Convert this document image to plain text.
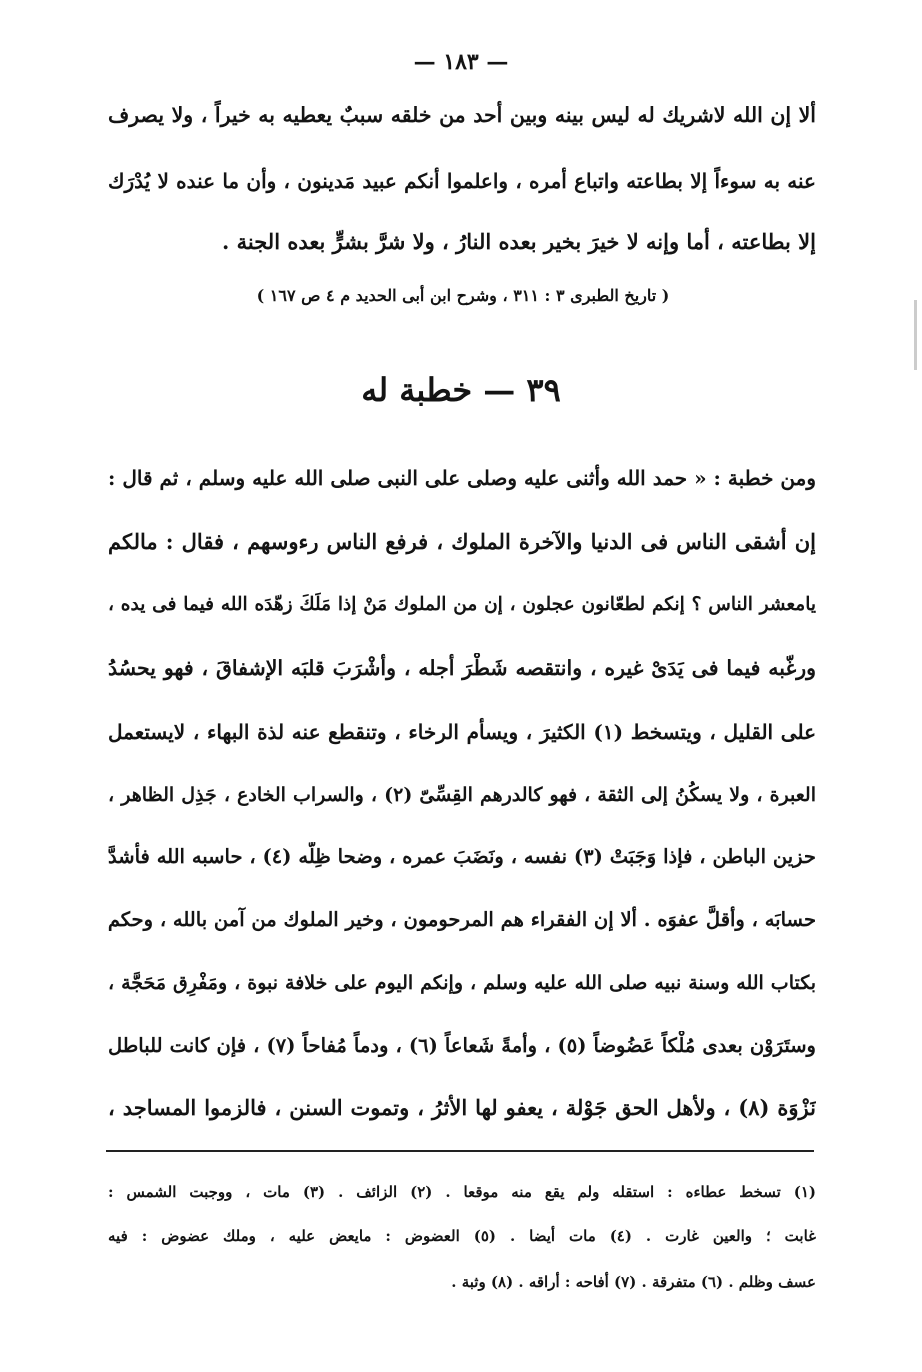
— ١٨٣ —
ألا إن الله لاشريك له ليس بينه وبين أحد من خلقه سببٌ يعطيه به خيراً ، ولا يصرف
عنه به سوءاً إلا بطاعته واتباع أمره ، واعلموا أنكم عبيد مَدينون ، وأن ما عنده لا يُدْرَك
إلا بطاعته ، أما وإنه لا خيرَ بخير بعده النارُ ، ولا شرَّ بشرٍّ بعده الجنة .
( تاريخ الطبرى ٣ : ٣١١ ، وشرح ابن أبى الحديد م ٤ ص ١٦٧ )
٣٩ — خطبة له
ومن خطبة : « حمد الله وأثنى عليه وصلى على النبى صلى الله عليه وسلم ، ثم قال :
إن أشقى الناس فى الدنيا والآخرة الملوك ، فرفع الناس رءوسهم ، فقال : مالكم
يامعشر الناس ؟ إنكم لطعّانون عجلون ، إن من الملوك مَنْ إذا مَلَكَ زهّدَه الله فيما فى يده ،
ورغّبه فيما فى يَدَىْ غيره ، وانتقصه شَطْرَ أجله ، وأشْرَبَ قلبَه الإشفاقَ ، فهو يحسُدُ
على القليل ، ويتسخط (١) الكثيرَ ، ويسأم الرخاء ، وتنقطع عنه لذة البهاء ، لايستعمل
العبرة ، ولا يسكُنُ إلى الثقة ، فهو كالدرهم القِسِّىّ (٢) ، والسراب الخادع ، جَذِل الظاهر ،
حزين الباطن ، فإذا وَجَبَتْ (٣) نفسه ، ونَضَبَ عمره ، وضحا ظِلُّه (٤) ، حاسبه الله فأشدَّ
حسابَه ، وأقلَّ عفوَه . ألا إن الفقراء هم المرحومون ، وخير الملوك من آمن بالله ، وحكم
بكتاب الله وسنة نبيه صلى الله عليه وسلم ، وإنكم اليوم على خلافة نبوة ، ومَفْرِق مَحَجَّة ،
وستَرَوْن بعدى مُلْكاً عَضُوضاً (٥) ، وأمةً شَعاعاً (٦) ، ودماً مُفاحاً (٧) ، فإن كانت للباطل
نَزْوَة (٨) ، ولأهل الحق جَوْلة ، يعفو لها الأثرُ ، وتموت السنن ، فالزموا المساجد ،
(١) تسخط عطاءه : استقله ولم يقع منه موقعا . (٢) الزائف . (٣) مات ، ووجبت الشمس :
غابت ؛ والعين غارت . (٤) مات أيضا . (٥) العضوض : مايعض عليه ، وملك عضوض : فيه
عسف وظلم . (٦) متفرقة . (٧) أفاحه : أراقه . (٨) وثبة .
